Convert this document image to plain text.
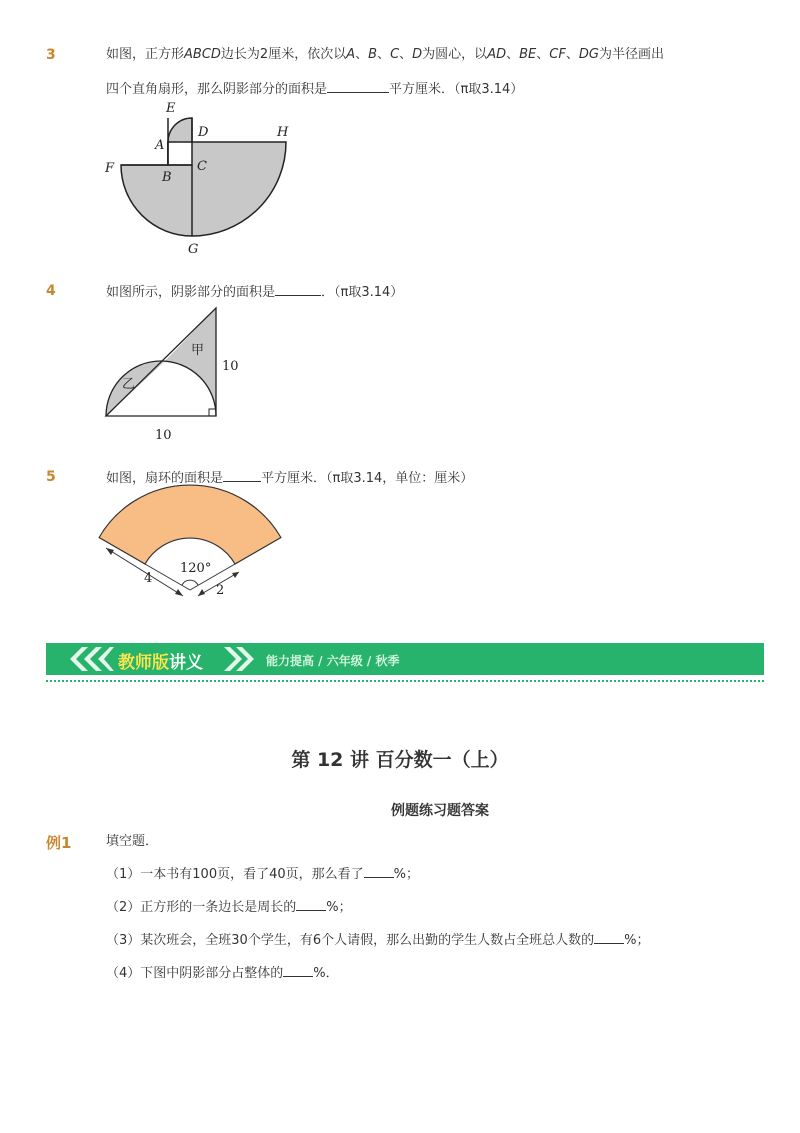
3	如图，正方形ABCD边长为2厘米，依次以A、B、C、D为圆心，以AD、BE、CF、DG为半径画出
四个直角扇形，那么阴影部分的面积是	平方厘米．（π取3.14）
E
D	H
A
F	C
B
G
4	如图所示，阴影部分的面积是	．（π取3.14）
甲
乙
10
10
5	如图，扇环的面积是	平方厘米．（π取3.14，单位：厘米）
120°
4
2
教师版讲义	能力提高 / 六年级 / 秋季
第 12 讲 百分数一（上）
例题练习题答案
例1	填空题．
（1）一本书有100页，看了40页，那么看了 %；
（2）正方形的一条边长是周长的 %；
（3）某次班会，全班30个学生，有6个人请假，那么出勤的学生人数占全班总人数的 %；
（4）下图中阴影部分占整体的 %．
